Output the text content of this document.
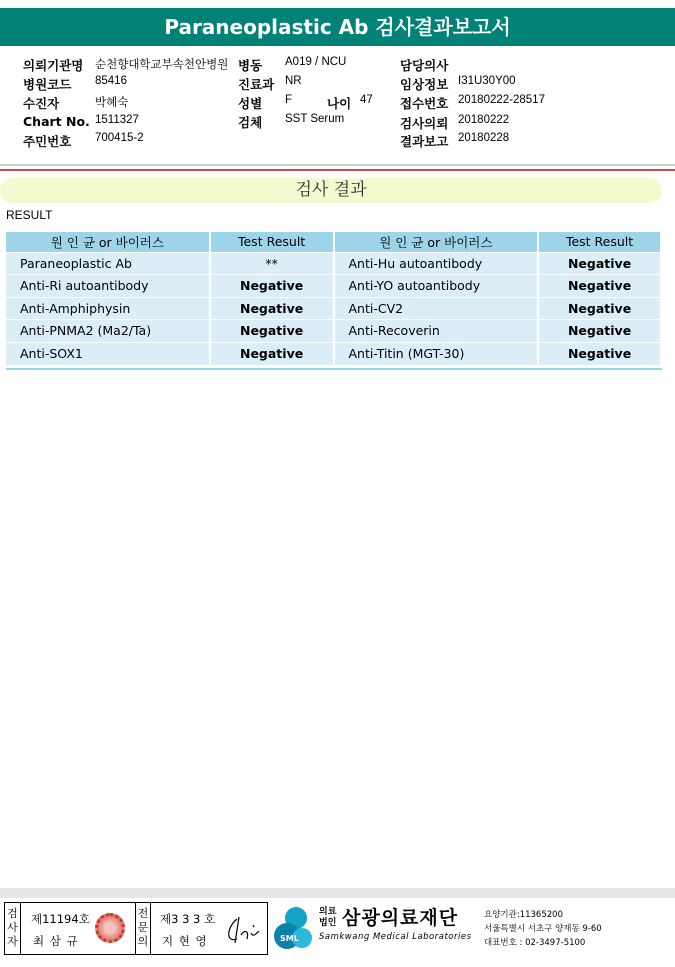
Paraneoplastic Ab 검사결과보고서
의뢰기관명 순천향대학교부속천안병원 병동 A019 / NCU	담당의사
병원코드 85416	진료과 NR	임상정보 I31U30Y00
수진자	박혜숙	성별 F	나이 47 접수번호 20180222-28517
Chart No. 1511327	검체 SST Serum	검사의뢰 20180222
주민번호 700415-2	결과보고 20180228
검사 결과
RESULT
원 인 균 or 바이러스	Test Result	원 인 균 or 바이러스	Test Result
Paraneoplastic Ab	**	Anti-Hu autoantibody	Negative
Anti-Ri autoantibody	Negative	Anti-YO autoantibody	Negative
Anti-Amphiphysin	Negative	Anti-CV2	Negative
Anti-PNMA2 (Ma2/Ta)	Negative	Anti-Recoverin	Negative
Anti-SOX1	Negative	Anti-Titin (MGT-30)	Negative
검사자
제11194호
최 삼 규
전문의
제3 3 3 호
지 현 영	SML
의료
법인 삼광의료재단
Samkwang Medical Laboratories
요양기관:11365200
서울특별시 서초구 양재동 9-60
대표번호 : 02-3497-5100
